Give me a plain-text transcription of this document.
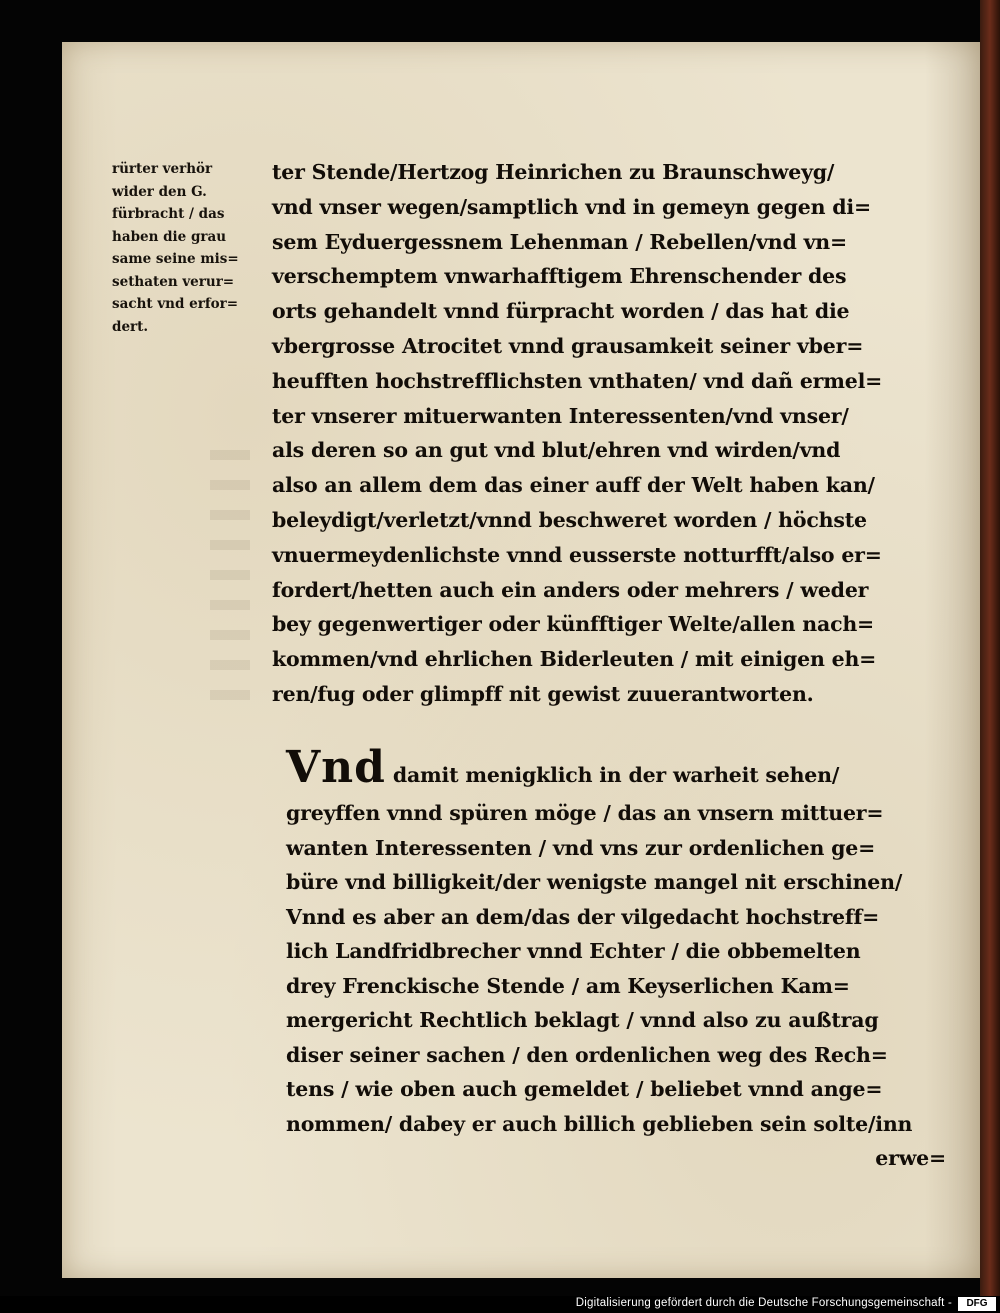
rürter verhör
wider den G.
fürbracht / das
haben die grau
same seine mis=
sethaten verur=
sacht vnd erfor=
dert.
ter Stende/Hertzog Heinrichen zu Braunschweyg/
vnd vnser wegen/samptlich vnd in gemeyn gegen di=
sem Eyduergessnem Lehenman / Rebellen/vnd vn=
verschemptem vnwarhafftigem Ehrenschender des
orts gehandelt vnnd fürpracht worden / das hat die
vbergrosse Atrocitet vnnd grausamkeit seiner vber=
heufften hochstrefflichsten vnthaten/ vnd dañ ermel=
ter vnserer mituerwanten Interessenten/vnd vnser/
als deren so an gut vnd blut/ehren vnd wirden/vnd
also an allem dem das einer auff der Welt haben kan/
beleydigt/verletzt/vnnd beschweret worden / höchste
vnuermeydenlichste vnnd eusserste notturfft/also er=
fordert/hetten auch ein anders oder mehrers / weder
bey gegenwertiger oder künfftiger Welte/allen nach=
kommen/vnd ehrlichen Biderleuten / mit einigen eh=
ren/fug oder glimpff nit gewist zuuerantworten.
Vnd damit menigklich in der warheit sehen/
greyffen vnnd spüren möge / das an vnsern mittuer=
wanten Interessenten / vnd vns zur ordenlichen ge=
büre vnd billigkeit/der wenigste mangel nit erschinen/
Vnnd es aber an dem/das der vilgedacht hochstreff=
lich Landfridbrecher vnnd Echter / die obbemelten
drey Frenckische Stende / am Keyserlichen Kam=
mergericht Rechtlich beklagt / vnnd also zu außtrag
diser seiner sachen / den ordenlichen weg des Rech=
tens / wie oben auch gemeldet / beliebet vnnd ange=
nommen/ dabey er auch billich geblieben sein solte/inn
erwe=
Digitalisierung gefördert durch die Deutsche Forschungsgemeinschaft -	DFG
